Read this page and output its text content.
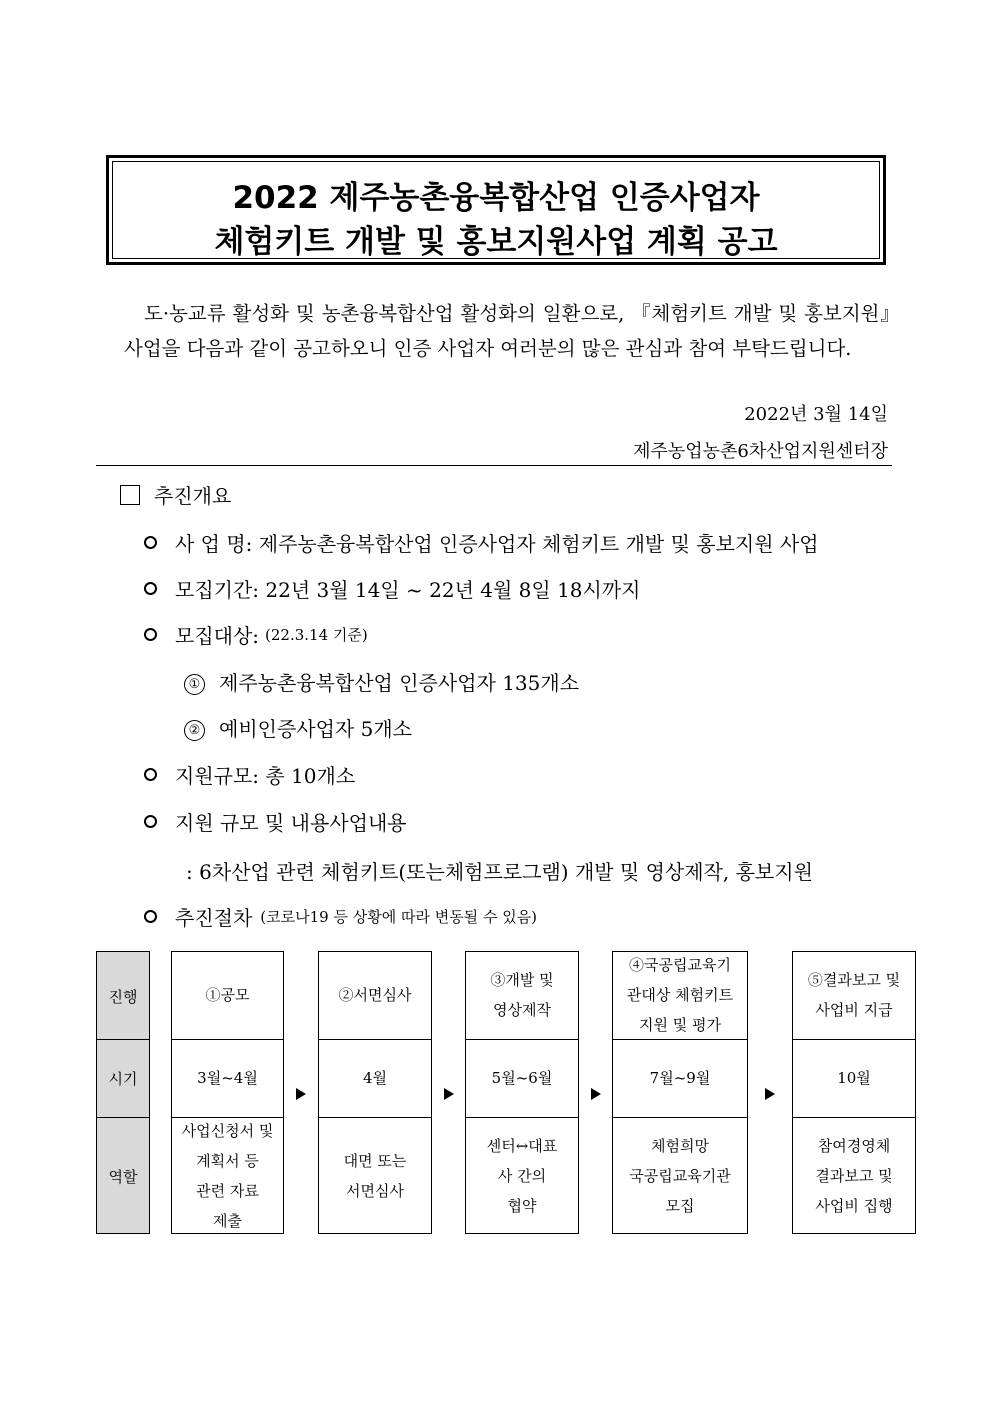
2022 제주농촌융복합산업 인증사업자
체험키트 개발 및 홍보지원사업 계획 공고

도·농교류 활성화 및 농촌융복합산업 활성화의 일환으로, 『체험키트 개발 및 홍보지원』사업을 다음과 같이 공고하오니 인증 사업자 여러분의 많은 관심과 참여 부탁드립니다.

2022년 3월 14일
제주농업농촌6차산업지원센터장
추진개요
사 업 명: 제주농촌융복합산업 인증사업자 체험키트 개발 및 홍보지원 사업
모집기간: 22년 3월 14일 ~ 22년 4월 8일 18시까지
모집대상: (22.3.14 기준)
① 제주농촌융복합산업 인증사업자 135개소
② 예비인증사업자 5개소
지원규모: 총 10개소
지원 규모 및 내용사업내용
: 6차산업 관련 체험키트(또는체험프로그램) 개발 및 영상제작, 홍보지원
추진절차 (코로나19 등 상황에 따라 변동될 수 있음)
진행
시기
역할
①공모
3월~4월
사업신청서 및
계획서 등
관련 자료
제출
②서면심사
4월
대면 또는
서면심사
③개발 및
영상제작
5월~6월
센터↔대표
사 간의
협약
④국공립교육기
관대상 체험키트
지원 및 평가
7월~9월
체험희망
국공립교육기관
모집
⑤결과보고 및
사업비 지급
10월
참여경영체
결과보고 및
사업비 집행
